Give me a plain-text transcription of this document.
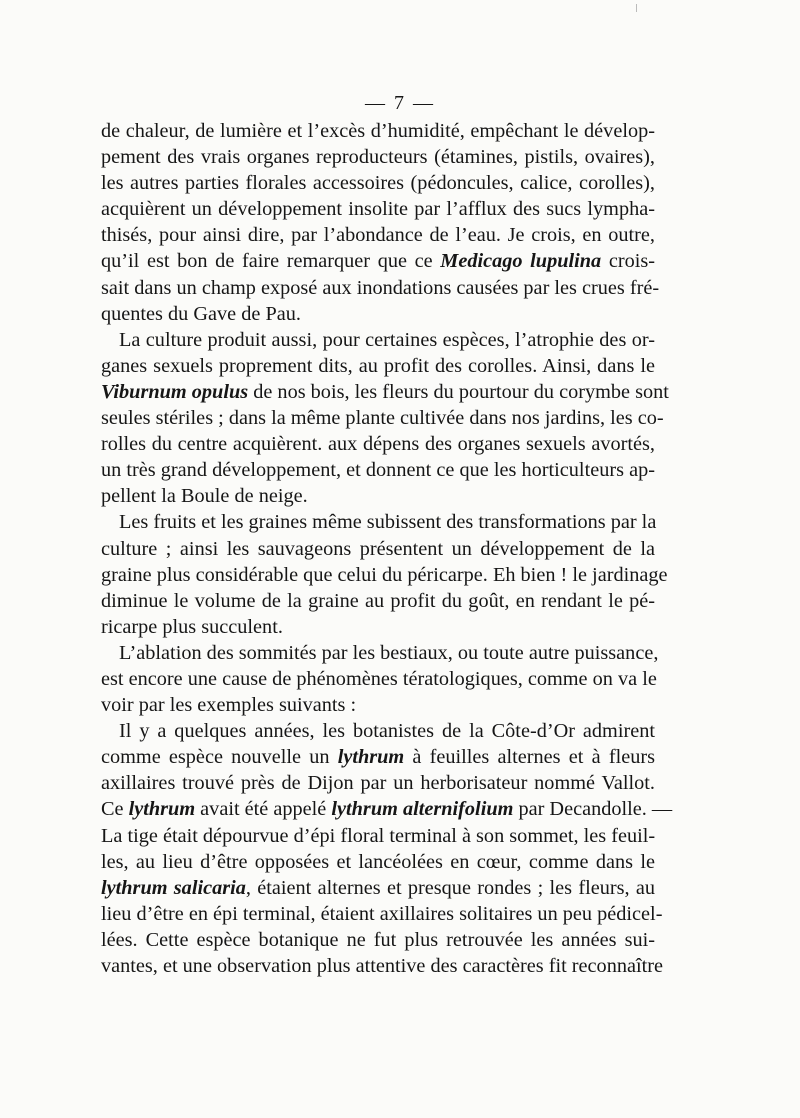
— 7 —
de chaleur, de lumière et l’excès d’humidité, empêchant le dévelop-
pement des vrais organes reproducteurs (étamines, pistils, ovaires),
les autres parties florales accessoires (pédoncules, calice, corolles),
acquièrent un développement insolite par l’afflux des sucs lympha-
thisés, pour ainsi dire, par l’abondance de l’eau. Je crois, en outre,
qu’il est bon de faire remarquer que ce Medicago lupulina crois-
sait dans un champ exposé aux inondations causées par les crues fré-
quentes du Gave de Pau.
La culture produit aussi, pour certaines espèces, l’atrophie des or-
ganes sexuels proprement dits, au profit des corolles. Ainsi, dans le
Viburnum opulus de nos bois, les fleurs du pourtour du corymbe sont
seules stériles ; dans la même plante cultivée dans nos jardins, les co-
rolles du centre acquièrent. aux dépens des organes sexuels avortés,
un très grand développement, et donnent ce que les horticulteurs ap-
pellent la Boule de neige.
Les fruits et les graines même subissent des transformations par la
culture ; ainsi les sauvageons présentent un développement de la
graine plus considérable que celui du péricarpe. Eh bien ! le jardinage
diminue le volume de la graine au profit du goût, en rendant le pé-
ricarpe plus succulent.
L’ablation des sommités par les bestiaux, ou toute autre puissance,
est encore une cause de phénomènes tératologiques, comme on va le
voir par les exemples suivants :
Il y a quelques années, les botanistes de la Côte-d’Or admirent
comme espèce nouvelle un lythrum à feuilles alternes et à fleurs
axillaires trouvé près de Dijon par un herborisateur nommé Vallot.
Ce lythrum avait été appelé lythrum alternifolium par Decandolle. —
La tige était dépourvue d’épi floral terminal à son sommet, les feuil-
les, au lieu d’être opposées et lancéolées en cœur, comme dans le
lythrum salicaria, étaient alternes et presque rondes ; les fleurs, au
lieu d’être en épi terminal, étaient axillaires solitaires un peu pédicel-
lées. Cette espèce botanique ne fut plus retrouvée les années sui-
vantes, et une observation plus attentive des caractères fit reconnaître
